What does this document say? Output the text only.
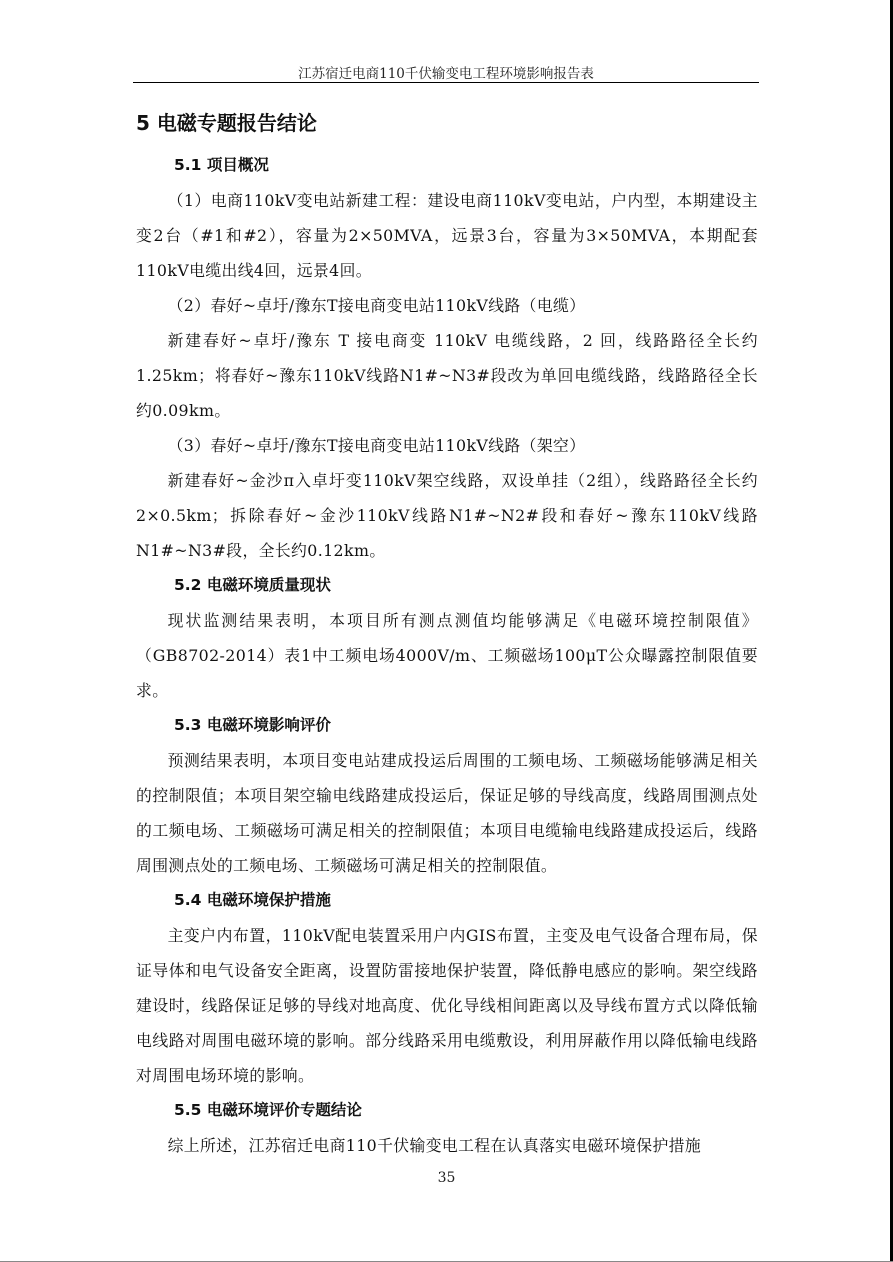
江苏宿迁电商110千伏输变电工程环境影响报告表
5 电磁专题报告结论
5.1 项目概况

（1）电商110kV变电站新建工程：建设电商110kV变电站，户内型，本期建设主变2台（#1和#2），容量为2×50MVA，远景3台，容量为3×50MVA，本期配套110kV电缆出线4回，远景4回。

（2）春好~卓圩/豫东T接电商变电站110kV线路（电缆）

新建春好~卓圩/豫东 T 接电商变 110kV 电缆线路，2 回，线路路径全长约1.25km；将春好~豫东110kV线路N1#~N3#段改为单回电缆线路，线路路径全长约0.09km。

（3）春好~卓圩/豫东T接电商变电站110kV线路（架空）

新建春好~金沙π入卓圩变110kV架空线路，双设单挂（2组），线路路径全长约2×0.5km；拆除春好~金沙110kV线路N1#~N2#段和春好~豫东110kV线路N1#~N3#段，全长约0.12km。

5.2 电磁环境质量现状

现状监测结果表明，本项目所有测点测值均能够满足《电磁环境控制限值》（GB8702-2014）表1中工频电场4000V/m、工频磁场100μT公众曝露控制限值要求。

5.3 电磁环境影响评价

预测结果表明，本项目变电站建成投运后周围的工频电场、工频磁场能够满足相关的控制限值；本项目架空输电线路建成投运后，保证足够的导线高度，线路周围测点处的工频电场、工频磁场可满足相关的控制限值；本项目电缆输电线路建成投运后，线路周围测点处的工频电场、工频磁场可满足相关的控制限值。

5.4 电磁环境保护措施

主变户内布置，110kV配电装置采用户内GIS布置，主变及电气设备合理布局，保证导体和电气设备安全距离，设置防雷接地保护装置，降低静电感应的影响。架空线路建设时，线路保证足够的导线对地高度、优化导线相间距离以及导线布置方式以降低输电线路对周围电磁环境的影响。部分线路采用电缆敷设，利用屏蔽作用以降低输电线路对周围电场环境的影响。

5.5 电磁环境评价专题结论

综上所述，江苏宿迁电商110千伏输变电工程在认真落实电磁环境保护措施

35
